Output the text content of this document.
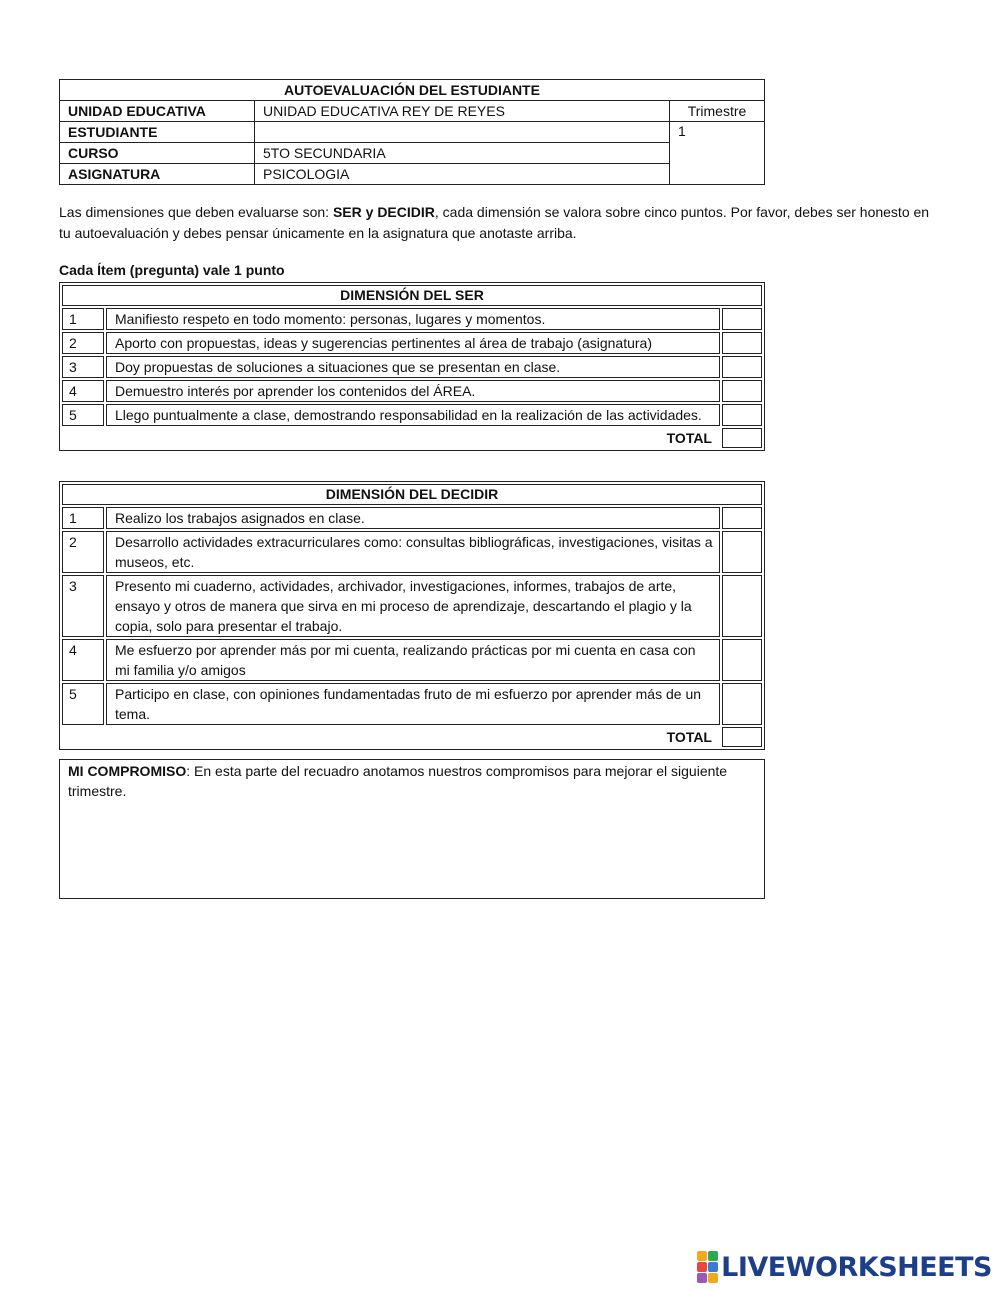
AUTOEVALUACIÓN DEL ESTUDIANTE		
UNIDAD EDUCATIVA	UNIDAD EDUCATIVA REY DE REYES	Trimestre
ESTUDIANTE		1
CURSO	5TO SECUNDARIA	
ASIGNATURA	PSICOLOGIA	
Las dimensiones que deben evaluarse son: SER y DECIDIR, cada dimensión se valora sobre cinco puntos. Por favor, debes ser honesto en tu autoevaluación y debes pensar únicamente en la asignatura que anotaste arriba.
Cada Ítem (pregunta) vale 1 punto
DIMENSIÓN DEL SER		
1	Manifiesto respeto en todo momento: personas, lugares y momentos.	
2	Aporto con propuestas, ideas y sugerencias pertinentes al área de trabajo (asignatura)	
3	Doy propuestas de soluciones a situaciones que se presentan en clase.	
4	Demuestro interés por aprender los contenidos del ÁREA.	
5	Llego puntualmente a clase, demostrando responsabilidad en la realización de las actividades.	
TOTAL		
DIMENSIÓN DEL DECIDIR		
1	Realizo los trabajos asignados en clase.	
2	Desarrollo actividades extracurriculares como: consultas bibliográficas, investigaciones, visitas a museos, etc.	
3	Presento mi cuaderno, actividades, archivador, investigaciones, informes, trabajos de arte, ensayo y otros de manera que sirva en mi proceso de aprendizaje, descartando el plagio y la copia, solo para presentar el trabajo.	
4	Me esfuerzo por aprender más por mi cuenta, realizando prácticas por mi cuenta en casa con mi familia y/o amigos	
5	Participo en clase, con opiniones fundamentadas fruto de mi esfuerzo por aprender más de un tema.	
TOTAL		
MI COMPROMISO: En esta parte del recuadro anotamos nuestros compromisos para mejorar el siguiente trimestre.
LIVEWORKSHEETS
